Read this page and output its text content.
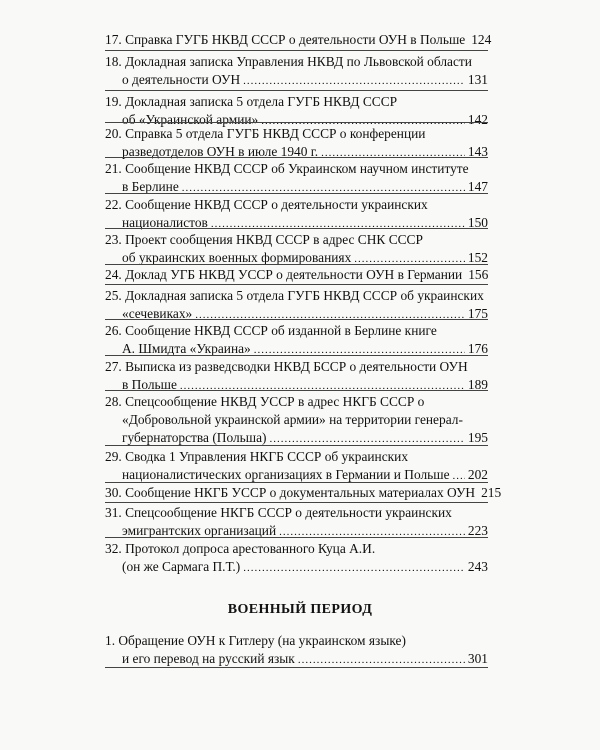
17. Справка ГУГБ НКВД СССР о деятельности ОУН в Польше 124
18. Докладная записка Управления НКВД по Львовской области
о деятельности ОУН .....	131
19. Докладная записка 5 отдела ГУГБ НКВД СССР
об «Украинской армии» .....	142
20. Справка 5 отдела ГУГБ НКВД СССР о конференции
разведотделов ОУН в июле 1940 г. .....	143
21. Сообщение НКВД СССР об Украинском научном институте
в Берлине .....	147
22. Сообщение НКВД СССР о деятельности украинских
националистов .....	150
23. Проект сообщения НКВД СССР в адрес СНК СССР
об украинских военных формированиях .....	152
24. Доклад УГБ НКВД УССР о деятельности ОУН в Германии 156
25. Докладная записка 5 отдела ГУГБ НКВД СССР об украинских
«сечевиках» .....	175
26. Сообщение НКВД СССР об изданной в Берлине книге
А. Шмидта «Украина» .....	176
27. Выписка из разведсводки НКВД БССР о деятельности ОУН
в Польше .....	189
28. Спецсообщение НКВД УССР в адрес НКГБ СССР о
«Добровольной украинской армии» на территории генерал-
губернаторства (Польша) .....	195
29. Сводка 1 Управления НКГБ СССР об украинских
националистических организациях в Германии и Польше ..... 202
30. Сообщение НКГБ УССР о документальных материалах ОУН 215
31. Спецсообщение НКГБ СССР о деятельности украинских
эмигрантских организаций .....	223
32. Протокол допроса арестованного Куца А.И.
(он же Сармага П.Т.) .....	243
ВОЕННЫЙ ПЕРИОД
1. Обращение ОУН к Гитлеру (на украинском языке)
и его перевод на русский язык .....	301
